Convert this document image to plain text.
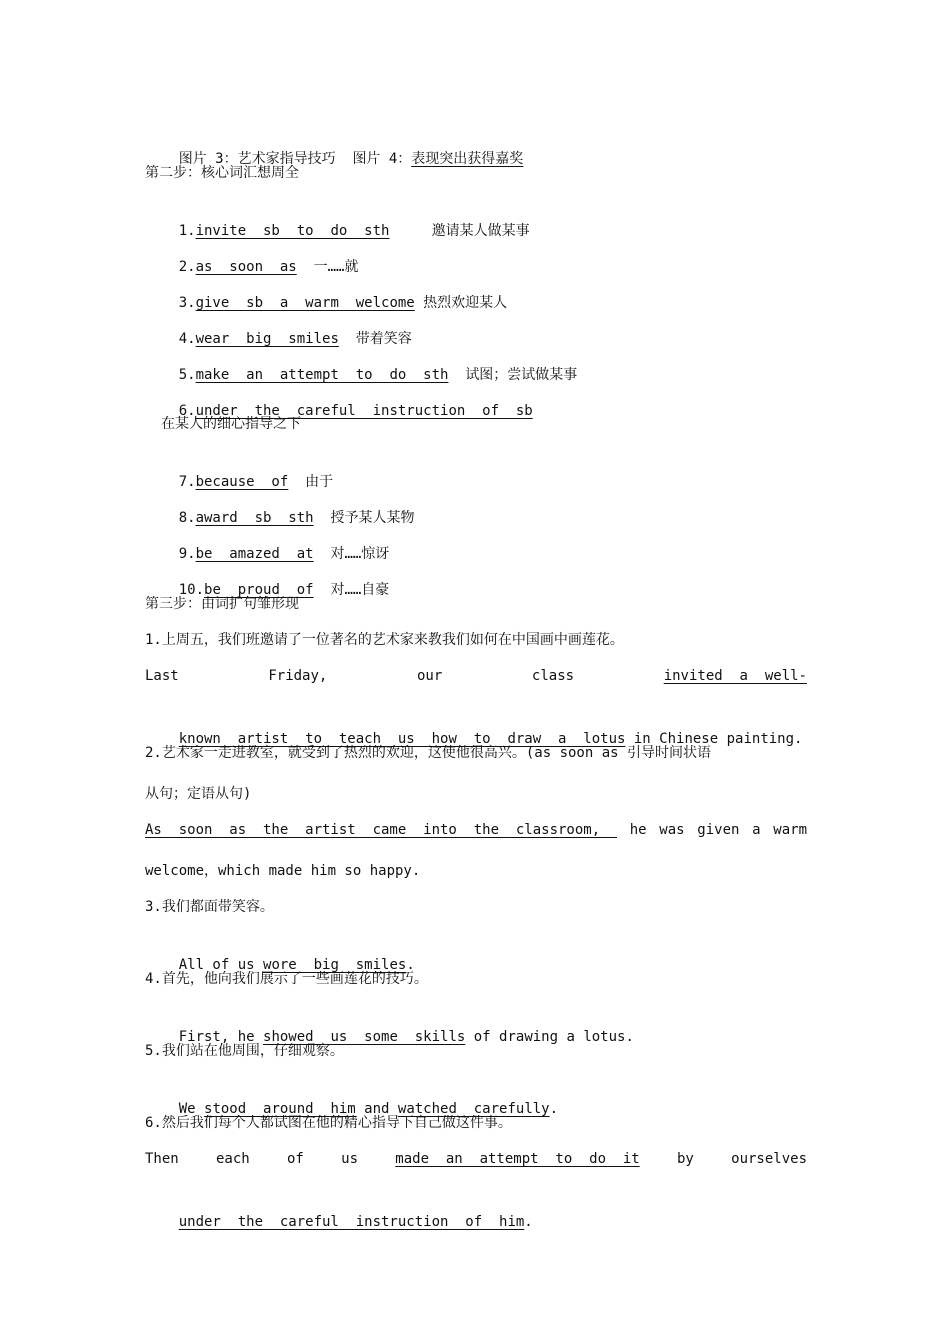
图片 3：艺术家指导技巧 图片 4：表现突出获得嘉奖

第二步：核心词汇想周全

1.invite  sb  to  do  sth	邀请某人做某事

2.as  soon  as 一……就

3.give  sb  a  warm  welcome 热烈欢迎某人

4.wear  big  smiles 带着笑容

5.make  an  attempt  to  do  sth 试图；尝试做某事

6.under  the  careful  instruction  of  sb

在某人的细心指导之下

7.because  of 由于

8.award  sb  sth 授予某人某物

9.be  amazed  at 对……惊讶

10.be  proud  of 对……自豪

第三步：由词扩句雏形现
1.上周五，我们班邀请了一位著名的艺术家来教我们如何在中国画中画莲花。
Last	Friday,	our	class	invited  a  well-

known  artist  to  teach  us  how  to  draw  a  lotus in Chinese painting.

2.艺术家一走进教室，就受到了热烈的欢迎，这使他很高兴。(as soon as 引导时间状语
从句；定语从句)
As  soon  as  the  artist  came  into  the  classroom, he was given a warm
welcome，which made him so happy.
3.我们都面带笑容。

All of us wore  big  smiles.

4.首先，他向我们展示了一些画莲花的技巧。

First, he showed  us  some  skills of drawing a lotus.

5.我们站在他周围，仔细观察。

We stood  around  him and watched  carefully.

6.然后我们每个人都试图在他的精心指导下自己做这件事。
Then	each	of	us	made  an  attempt  to  do  it	by	ourselves

under  the  careful  instruction  of  him.
